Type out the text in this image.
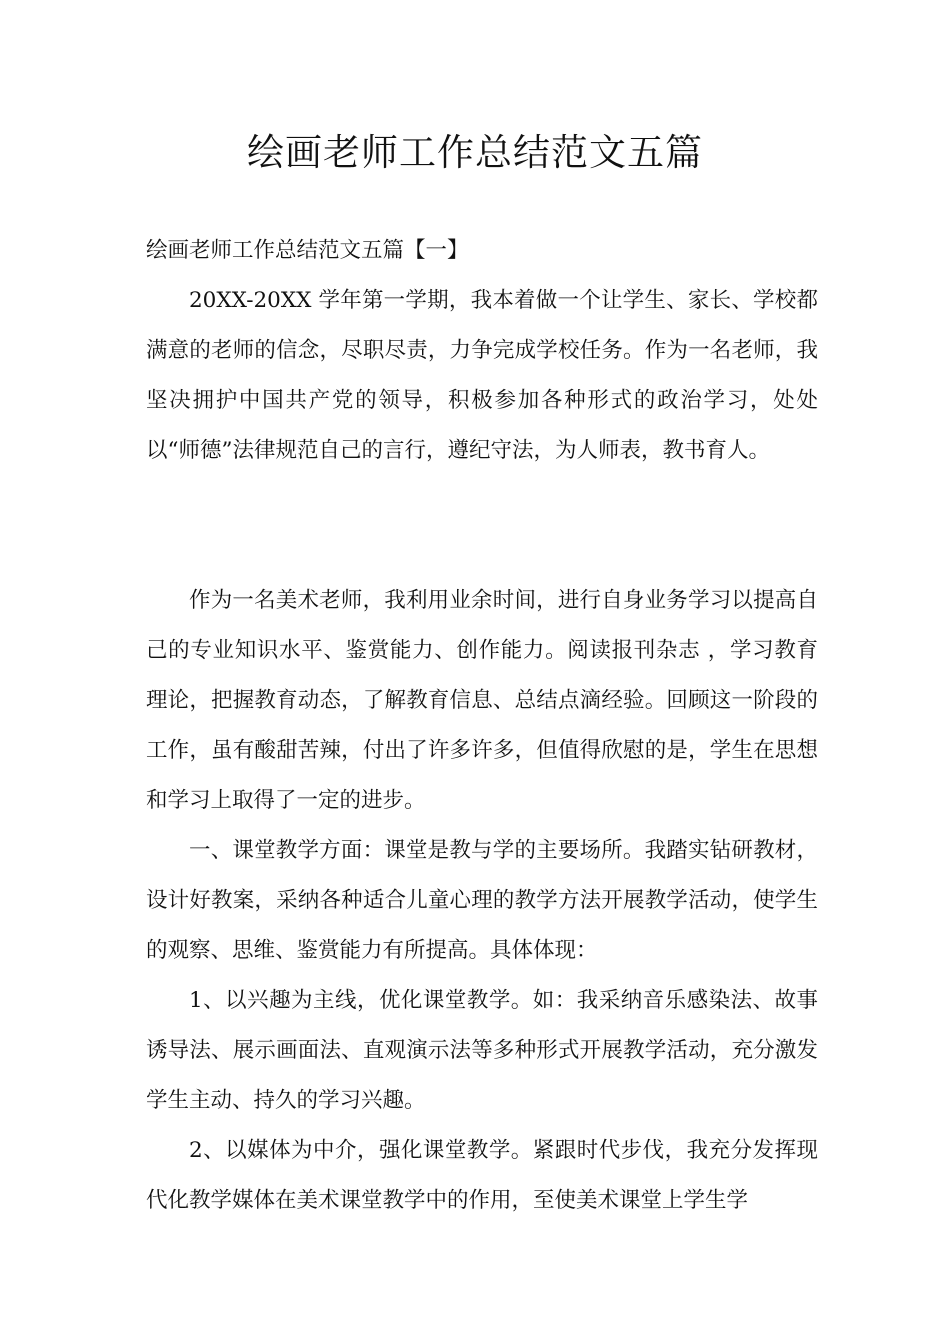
绘画老师工作总结范文五篇

绘画老师工作总结范文五篇【一】

20XX-20XX 学年第一学期，我本着做一个让学生、家长、学校都满意的老师的信念，尽职尽责，力争完成学校任务。作为一名老师，我坚决拥护中国共产党的领导，积极参加各种形式的政治学习，处处以“师德”法律规范自己的言行，遵纪守法，为人师表，教书育人。

作为一名美术老师，我利用业余时间，进行自身业务学习以提高自己的专业知识水平、鉴赏能力、创作能力。阅读报刊杂志 ，学习教育理论，把握教育动态，了解教育信息、总结点滴经验。回顾这一阶段的工作，虽有酸甜苦辣，付出了许多许多，但值得欣慰的是，学生在思想和学习上取得了一定的进步。

一、课堂教学方面：课堂是教与学的主要场所。我踏实钻研教材，设计好教案，采纳各种适合儿童心理的教学方法开展教学活动，使学生的观察、思维、鉴赏能力有所提高。具体体现：

1、以兴趣为主线，优化课堂教学。如：我采纳音乐感染法、故事诱导法、展示画面法、直观演示法等多种形式开展教学活动，充分激发学生主动、持久的学习兴趣。

2、以媒体为中介，强化课堂教学。紧跟时代步伐，我充分发挥现代化教学媒体在美术课堂教学中的作用，至使美术课堂上学生学
